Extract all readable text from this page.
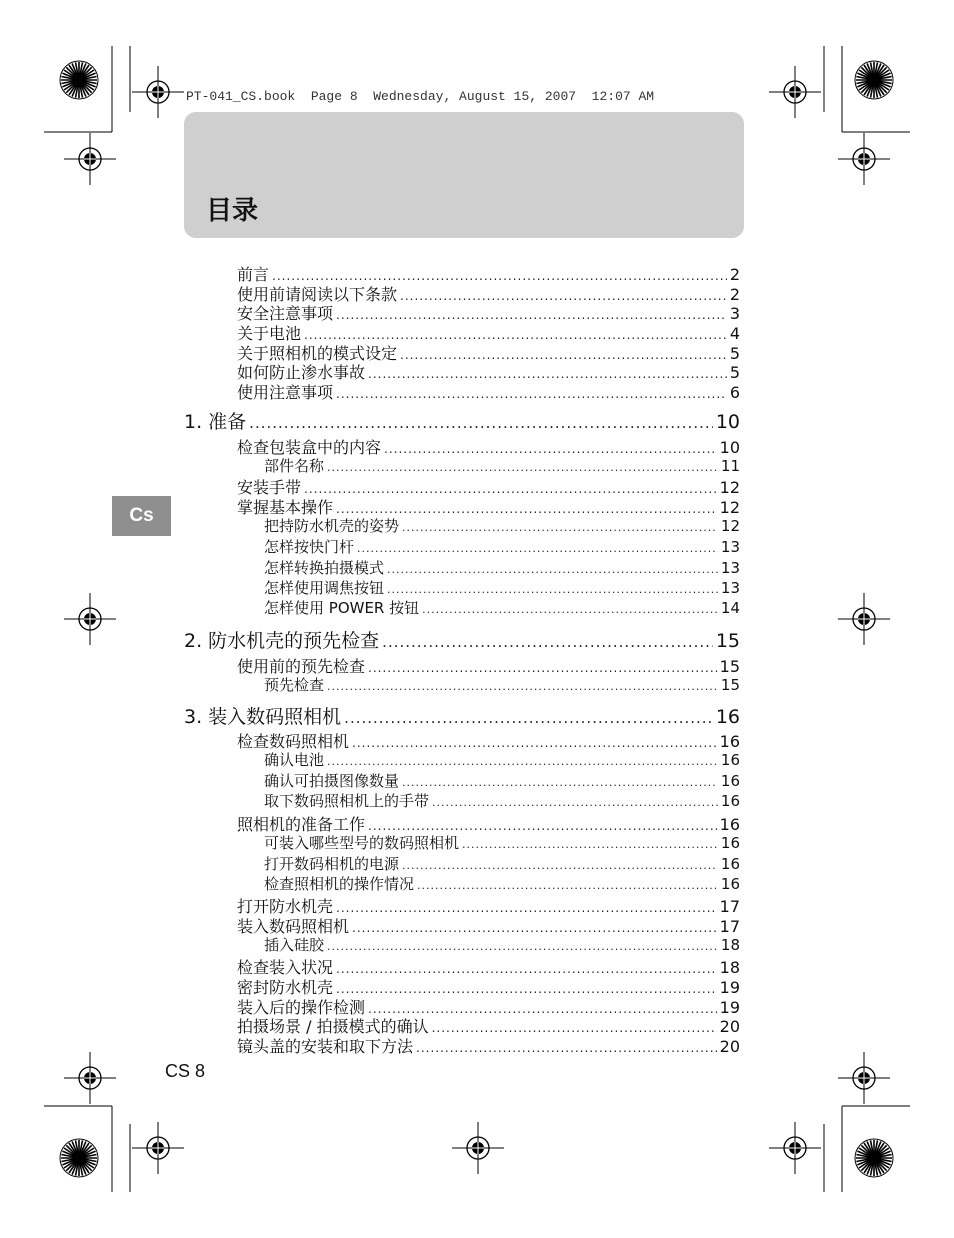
PT-041_CS.book  Page 8  Wednesday, August 15, 2007  12:07 AM
目录
Cs
前言 .....	2
使用前请阅读以下条款 .....	2
安全注意事项 .....	3
关于电池 .....	4
关于照相机的模式设定 .....	5
如何防止渗水事故 .....	5
使用注意事项 .....	6
1. 准备 .....	10
检查包装盒中的内容 .....	10
部件名称 .....	11
安装手带 .....	12
掌握基本操作 .....	12
把持防水机壳的姿势 .....	12
怎样按快门杆 .....	13
怎样转换拍摄模式 .....	13
怎样使用调焦按钮 .....	13
怎样使用 POWER 按钮 .....	14
2. 防水机壳的预先检查 .....	15
使用前的预先检查 .....	15
预先检查 .....	15
3. 装入数码照相机 .....	16
检查数码照相机 .....	16
确认电池 .....	16
确认可拍摄图像数量 .....	16
取下数码照相机上的手带 .....	16
照相机的准备工作 .....	16
可装入哪些型号的数码照相机 .....	16
打开数码相机的电源 .....	16
检查照相机的操作情况 .....	16
打开防水机壳 .....	17
装入数码照相机 .....	17
插入硅胶 .....	18
检查装入状况 .....	18
密封防水机壳 .....	19
装入后的操作检测 .....	19
拍摄场景 / 拍摄模式的确认 .....	20
镜头盖的安装和取下方法 .....	20
CS 8
